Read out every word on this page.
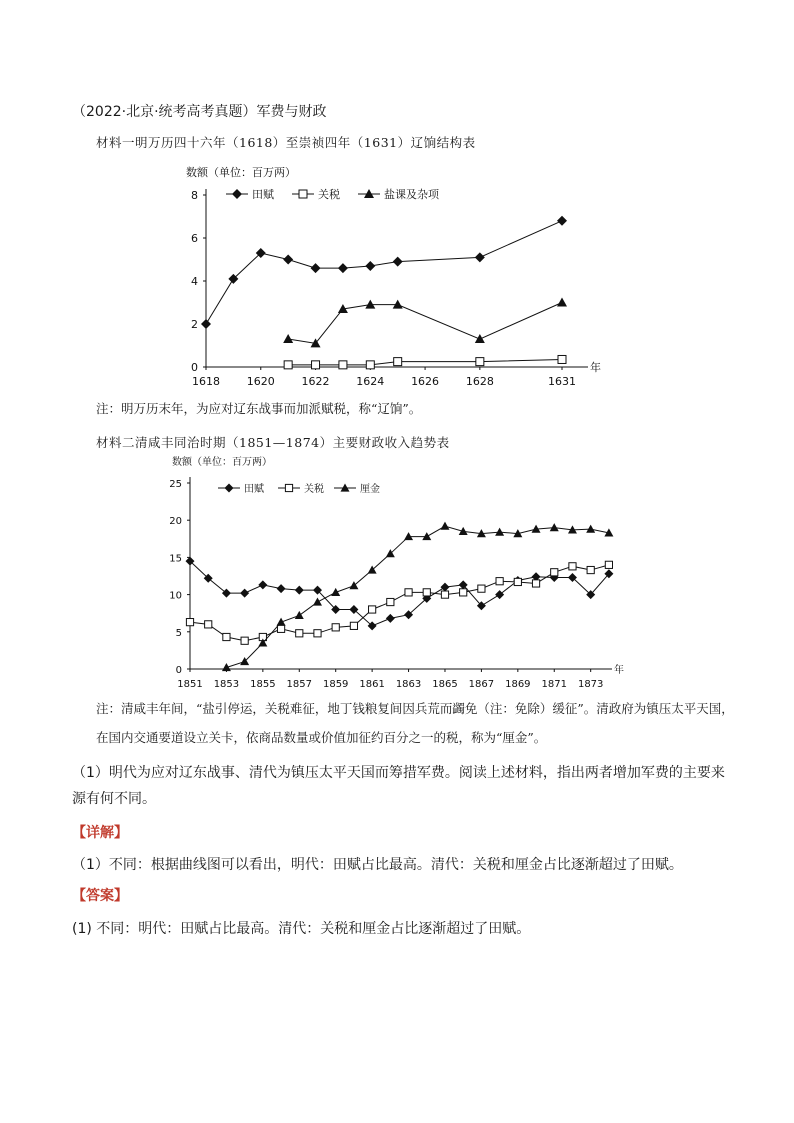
（2022·北京·统考高考真题）军费与财政
材料一明万历四十六年（1618）至崇祯四年（1631）辽饷结构表
0
2
4
6
8
1618 1620 1622 1624 1626 1628	1631
数额（单位：百万两）
年
田赋	关税	盐课及杂项
注：明万历末年，为应对辽东战事而加派赋税，称“辽饷”。
材料二清咸丰同治时期（1851—1874）主要财政收入趋势表
0
5
10
15
20
25
1851 1853 1855 1857 1859 1861 1863 1865 1867 1869 1871 1873
数额（单位：百万两）
年
田赋	关税	厘金
注：清咸丰年间，“盐引停运，关税难征，地丁钱粮复间因兵荒而蠲免（注：免除）缓征”。清政府为镇压太平天国，在国内交通要道设立关卡，依商品数量或价值加征约百分之一的税，称为“厘金”。
（1）明代为应对辽东战事、清代为镇压太平天国而筹措军费。阅读上述材料，指出两者增加军费的主要来源有何不同。
【详解】
（1）不同：根据曲线图可以看出，明代：田赋占比最高。清代：关税和厘金占比逐渐超过了田赋。
【答案】
(1) 不同：明代：田赋占比最高。清代：关税和厘金占比逐渐超过了田赋。
